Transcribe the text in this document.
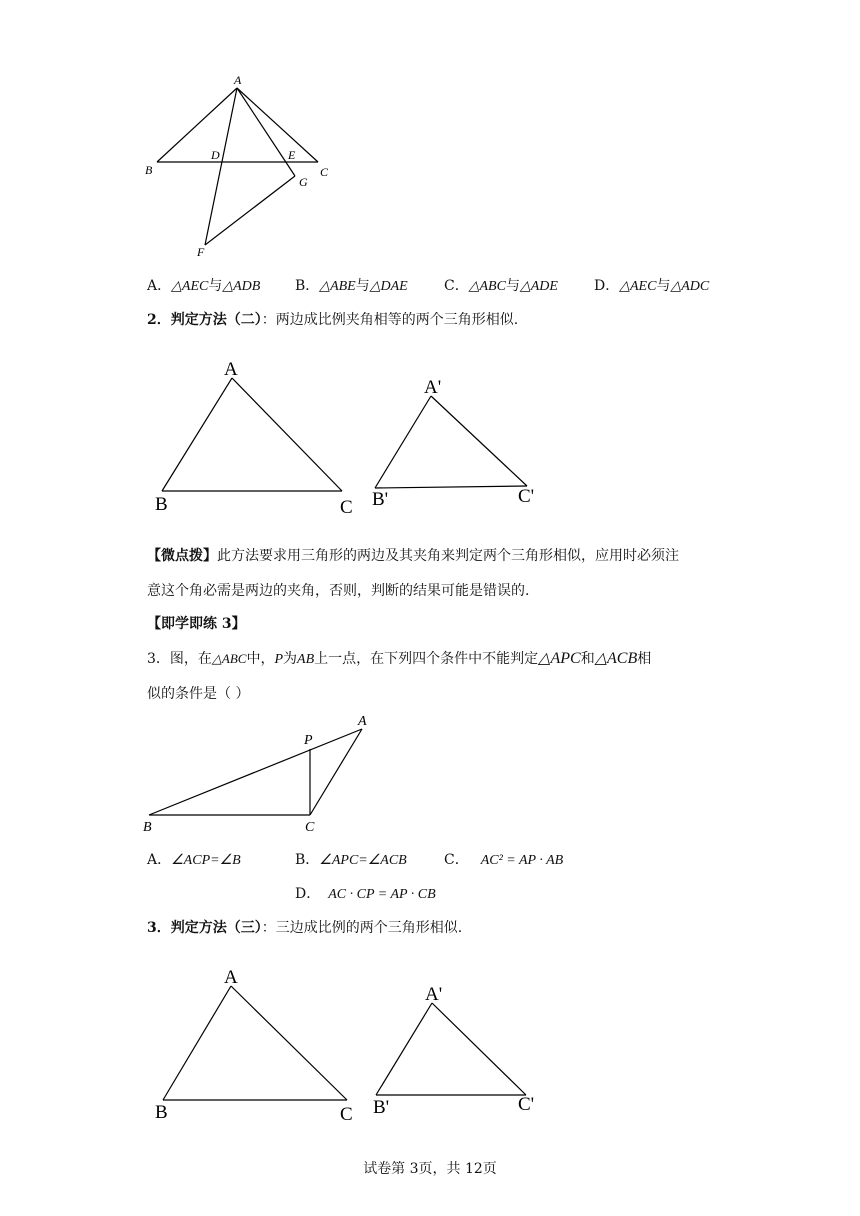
A
B	C
D	E
F
G
A．△AEC与△ADB B．△ABE与△DAE	C．△ABC与△ADE	D．△AEC与△ADC
2．判定方法（二）：两边成比例夹角相等的两个三角形相似.
A
B	C
A'
B'	C'
【微点拨】此方法要求用三角形的两边及其夹角来判定两个三角形相似，应用时必须注
意这个角必需是两边的夹角，否则，判断的结果可能是错误的.
【即学即练 3】
3．图，在△ABC中，P为AB上一点，在下列四个条件中不能判定△APC和△ACB相
似的条件是（ ）
A
B	C
P
A．∠ACP=∠B	B．∠APC=∠ACB	C． AC² = AP · AB
D． AC · CP = AP · CB
3．判定方法（三）：三边成比例的两个三角形相似.
A
B	C
A'
B'	C'
试卷第 3页，共 12页
